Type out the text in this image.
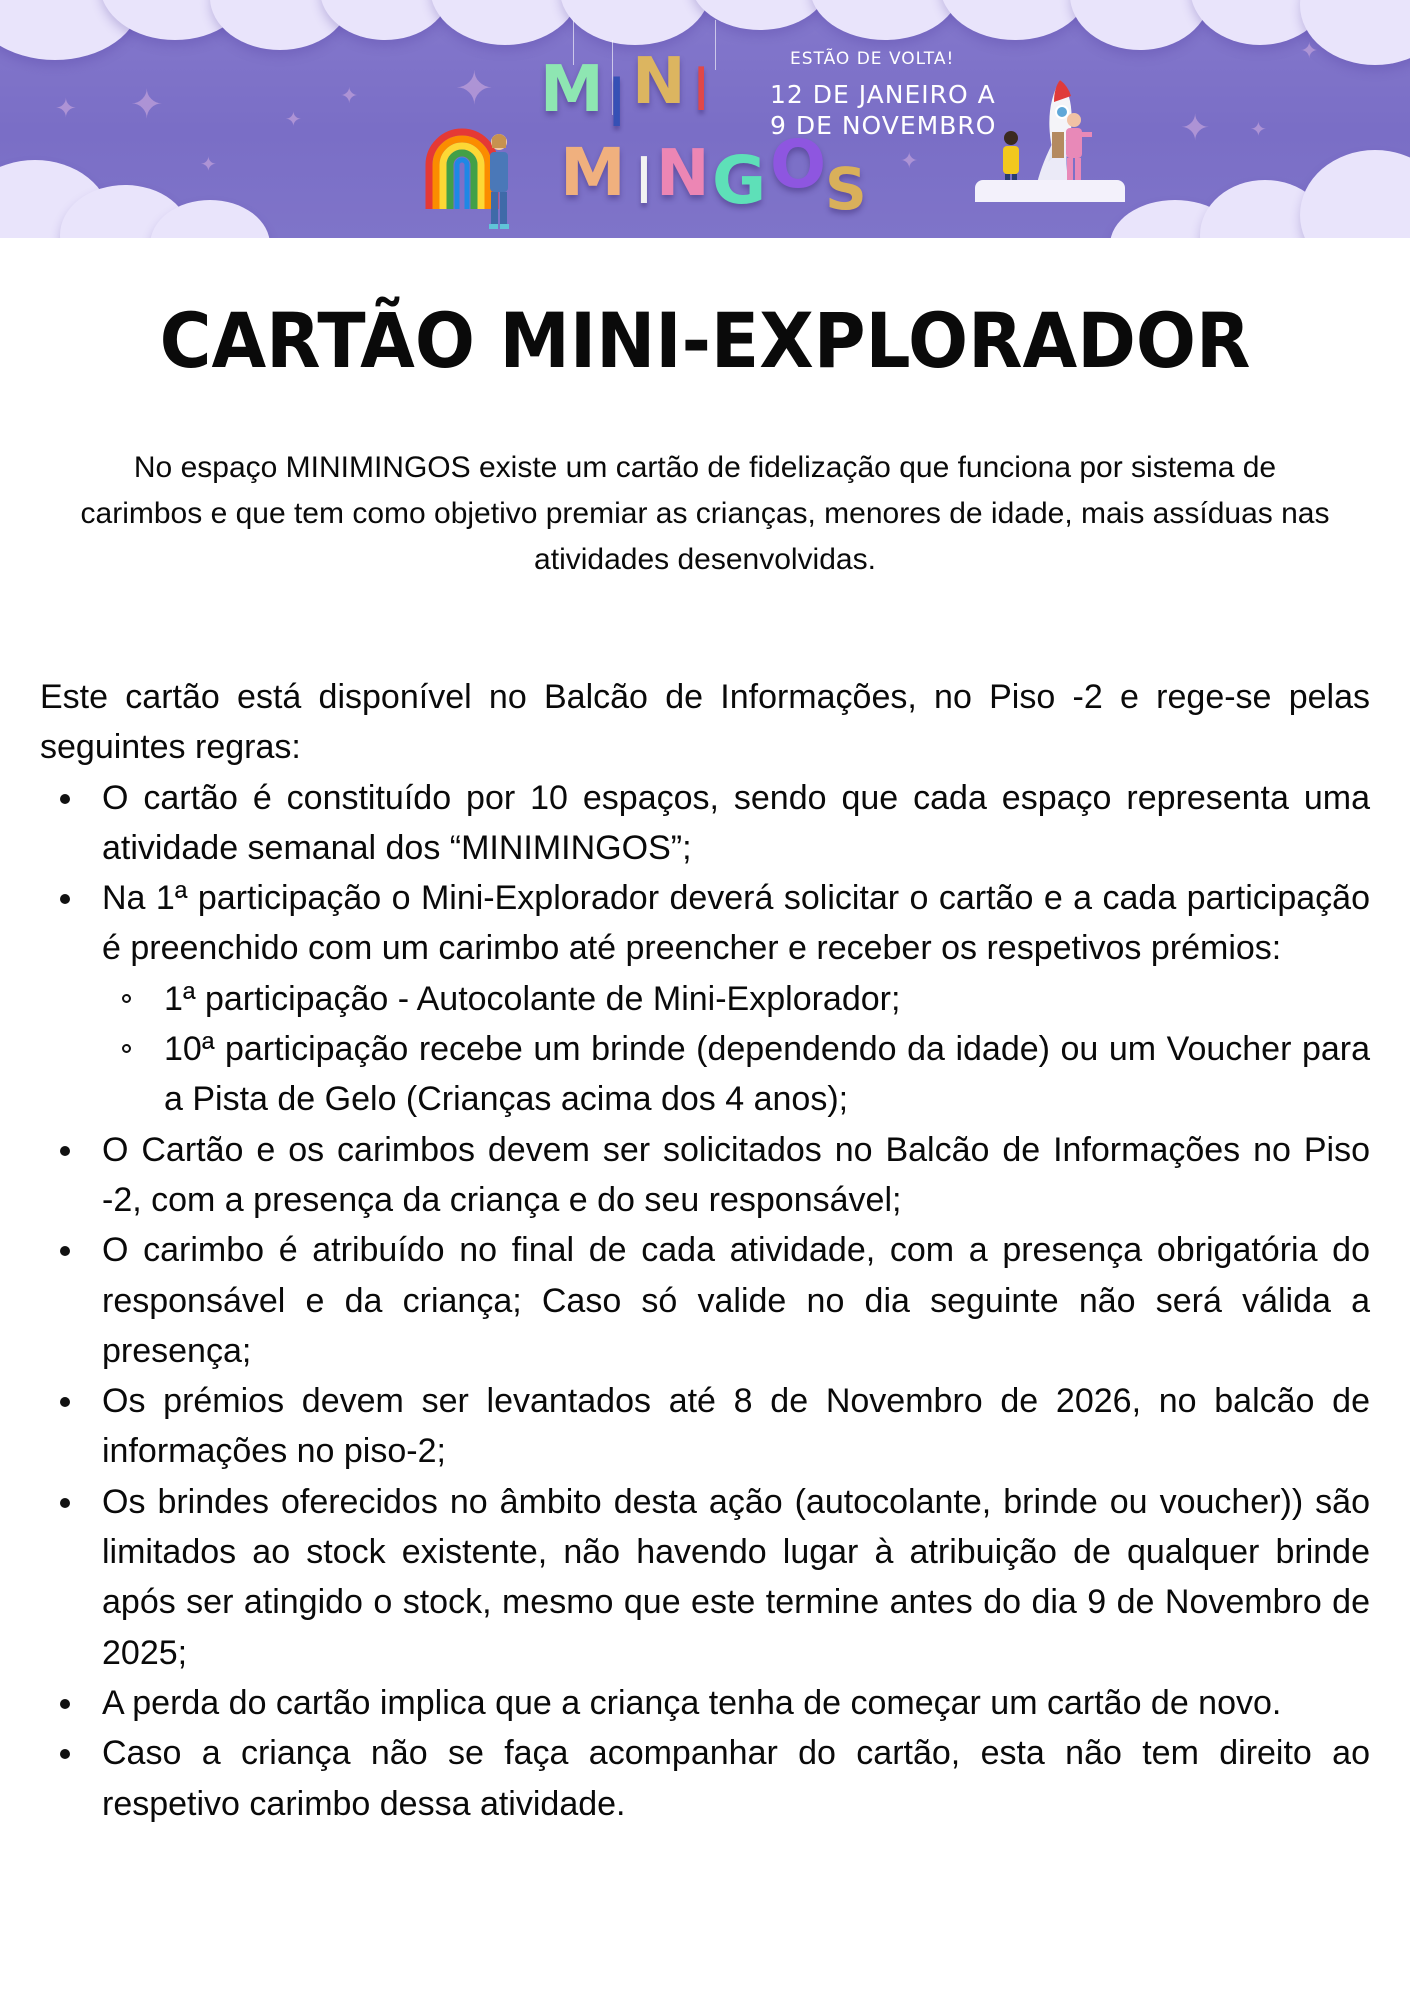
✦ ✦	✦
✦ ✦
✦
✦
✦
✦
✦
M I N I
M I N G O
S
ESTÃO DE VOLTA!
12 DE JANEIRO A
9 DE NOVEMBRO
CARTÃO MINI-EXPLORADOR

No espaço MINIMINGOS existe um cartão de fidelização que funciona por sistema de carimbos e que tem como objetivo premiar as crianças, menores de idade, mais assíduas nas atividades desenvolvidas.

Este cartão está disponível no Balcão de Informações, no Piso -2 e rege-se pelas seguintes regras:

O cartão é constituído por 10 espaços, sendo que cada espaço representa uma atividade semanal dos “MINIMINGOS”;
Na 1ª participação o Mini-Explorador deverá solicitar o cartão e a cada participação é preenchido com um carimbo até preencher e receber os respetivos prémios:
1ª participação - Autocolante de Mini-Explorador;
10ª participação recebe um brinde (dependendo da idade) ou um Voucher para a Pista de Gelo (Crianças acima dos 4 anos);
O Cartão e os carimbos devem ser solicitados no Balcão de Informações no Piso -2, com a presença da criança e do seu responsável;
O carimbo é atribuído no final de cada atividade, com a presença obrigatória do responsável e da criança; Caso só valide no dia seguinte não será válida a presença;
Os prémios devem ser levantados até 8 de Novembro de 2026, no balcão de informações no piso-2;
Os brindes oferecidos no âmbito desta ação (autocolante, brinde ou voucher)) são limitados ao stock existente, não havendo lugar à atribuição de qualquer brinde após ser atingido o stock, mesmo que este termine antes do dia 9 de Novembro de 2025;
A perda do cartão implica que a criança tenha de começar um cartão de novo.
Caso a criança não se faça acompanhar do cartão, esta não tem direito ao respetivo carimbo dessa atividade.
